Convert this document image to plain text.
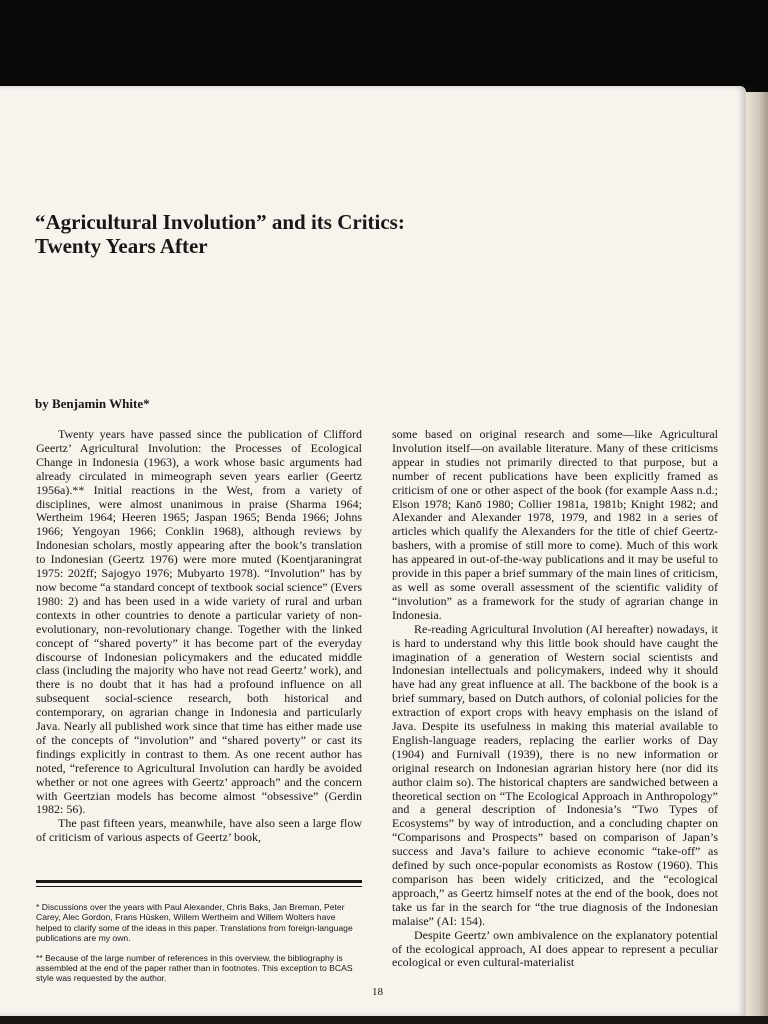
“Agricultural Involution” and its Critics:
Twenty Years After

by Benjamin White*

Twenty years have passed since the publication of Clifford Geertz’ Agricultural Involution: the Processes of Ecological Change in Indonesia (1963), a work whose basic arguments had already circulated in mimeograph seven years earlier (Geertz 1956a).** Initial reactions in the West, from a variety of disciplines, were almost unanimous in praise (Sharma 1964; Wertheim 1964; Heeren 1965; Jaspan 1965; Benda 1966; Johns 1966; Yengoyan 1966; Conklin 1968), although reviews by Indonesian scholars, mostly appearing after the book’s translation to Indonesian (Geertz 1976) were more muted (Koentjaraningrat 1975: 202ff; Sajogyo 1976; Mubyarto 1978). “Involution” has by now become “a standard concept of textbook social science” (Evers 1980: 2) and has been used in a wide variety of rural and urban contexts in other countries to denote a particular variety of non-evolutionary, non-revolutionary change. Together with the linked concept of “shared poverty” it has become part of the everyday discourse of Indonesian policymakers and the educated middle class (including the majority who have not read Geertz’ work), and there is no doubt that it has had a profound influence on all subsequent social-science research, both historical and contemporary, on agrarian change in Indonesia and particularly Java. Nearly all published work since that time has either made use of the concepts of “involution” and “shared poverty” or cast its findings explicitly in contrast to them. As one recent author has noted, “reference to Agricultural Involution can hardly be avoided whether or not one agrees with Geertz’ approach” and the concern with Geertzian models has become almost “obsessive” (Gerdin 1982: 56).

The past fifteen years, meanwhile, have also seen a large flow of criticism of various aspects of Geertz’ book,

some based on original research and some—like Agricultural Involution itself—on available literature. Many of these criticisms appear in studies not primarily directed to that purpose, but a number of recent publications have been explicitly framed as criticism of one or other aspect of the book (for example Aass n.d.; Elson 1978; Kanō 1980; Collier 1981a, 1981b; Knight 1982; and Alexander and Alexander 1978, 1979, and 1982 in a series of articles which qualify the Alexanders for the title of chief Geertz-bashers, with a promise of still more to come). Much of this work has appeared in out-of-the-way publications and it may be useful to provide in this paper a brief summary of the main lines of criticism, as well as some overall assessment of the scientific validity of “involution” as a framework for the study of agrarian change in Indonesia.

Re-reading Agricultural Involution (AI hereafter) nowadays, it is hard to understand why this little book should have caught the imagination of a generation of Western social scientists and Indonesian intellectuals and policymakers, indeed why it should have had any great influence at all. The backbone of the book is a brief summary, based on Dutch authors, of colonial policies for the extraction of export crops with heavy emphasis on the island of Java. Despite its usefulness in making this material available to English-language readers, replacing the earlier works of Day (1904) and Furnivall (1939), there is no new information or original research on Indonesian agrarian history here (nor did its author claim so). The historical chapters are sandwiched between a theoretical section on “The Ecological Approach in Anthropology” and a general description of Indonesia’s “Two Types of Ecosystems” by way of introduction, and a concluding chapter on “Comparisons and Prospects” based on comparison of Japan’s success and Java’s failure to achieve economic “take-off” as defined by such once-popular economists as Rostow (1960). This comparison has been widely criticized, and the “ecological approach,” as Geertz himself notes at the end of the book, does not take us far in the search for “the true diagnosis of the Indonesian malaise” (AI: 154).

Despite Geertz’ own ambivalence on the explanatory potential of the ecological approach, AI does appear to represent a peculiar ecological or even cultural-materialist

* Discussions over the years with Paul Alexander, Chris Baks, Jan Breman, Peter Carey, Alec Gordon, Frans Hüsken, Willem Wertheim and Willem Wolters have helped to clarify some of the ideas in this paper. Translations from foreign-language publications are my own.

** Because of the large number of references in this overview, the bibliography is assembled at the end of the paper rather than in footnotes. This exception to BCAS style was requested by the author.

18
